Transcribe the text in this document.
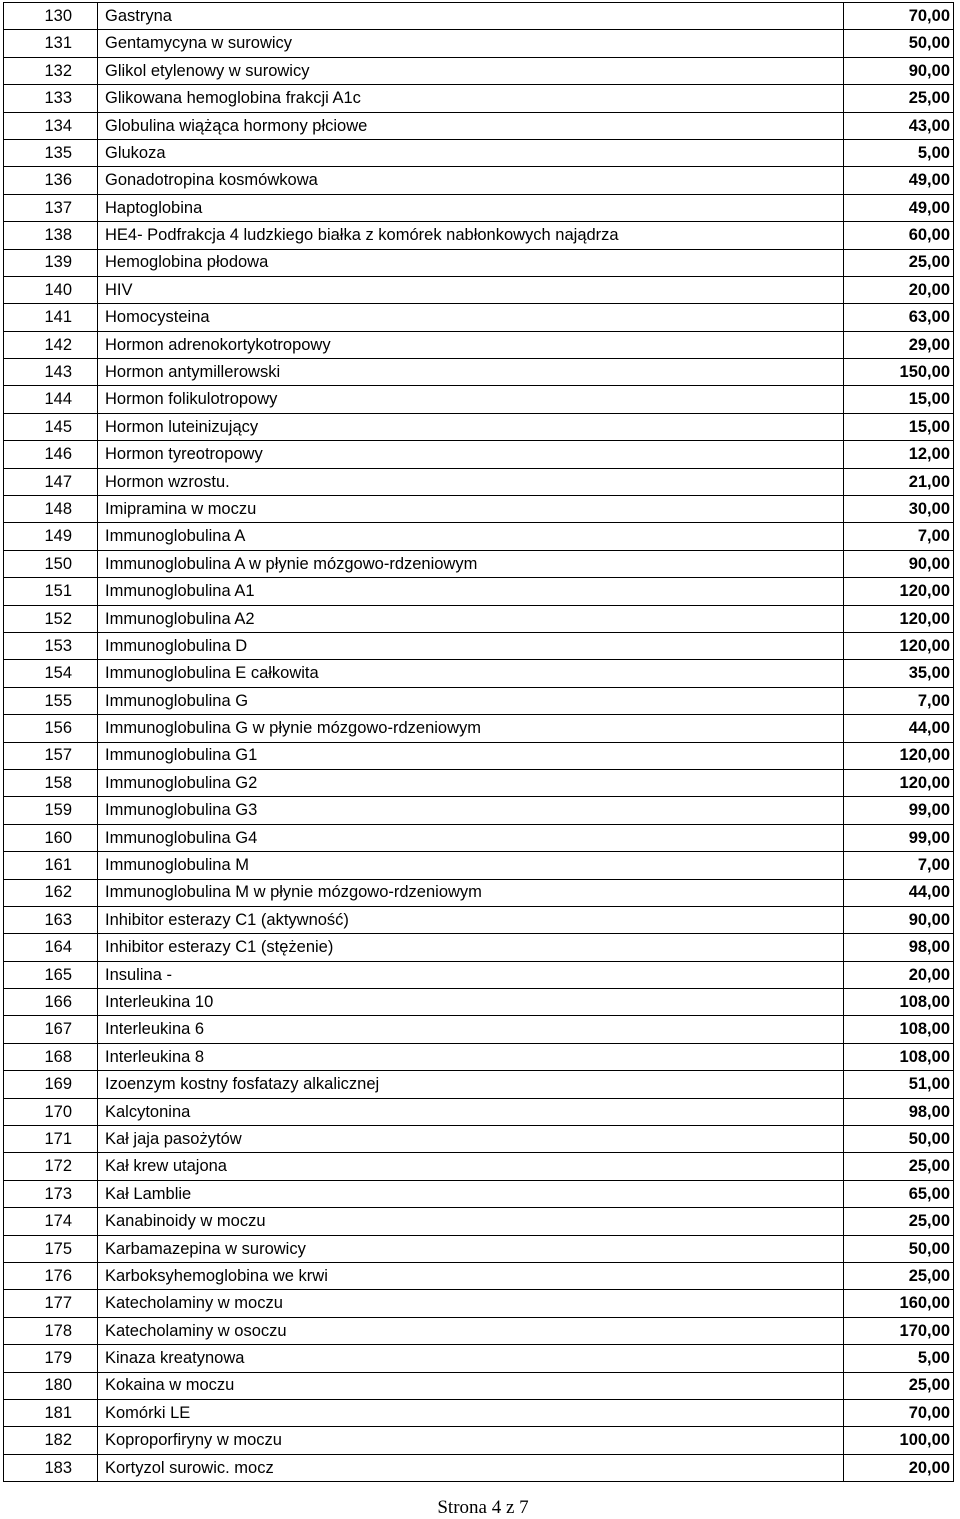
130	Gastryna	70,00
131	Gentamycyna w surowicy	50,00
132	Glikol etylenowy w surowicy	90,00
133	Glikowana hemoglobina frakcji A1c	25,00
134	Globulina wiążąca hormony płciowe	43,00
135	Glukoza	5,00
136	Gonadotropina kosmówkowa	49,00
137	Haptoglobina	49,00
138	HE4- Podfrakcja 4 ludzkiego białka z komórek nabłonkowych najądrza	60,00
139	Hemoglobina płodowa	25,00
140	HIV	20,00
141	Homocysteina	63,00
142	Hormon adrenokortykotropowy	29,00
143	Hormon antymillerowski	150,00
144	Hormon folikulotropowy	15,00
145	Hormon luteinizujący	15,00
146	Hormon tyreotropowy	12,00
147	Hormon wzrostu.	21,00
148	Imipramina w moczu	30,00
149	Immunoglobulina A	7,00
150	Immunoglobulina A w płynie mózgowo-rdzeniowym	90,00
151	Immunoglobulina A1	120,00
152	Immunoglobulina A2	120,00
153	Immunoglobulina D	120,00
154	Immunoglobulina E całkowita	35,00
155	Immunoglobulina G	7,00
156	Immunoglobulina G w płynie mózgowo-rdzeniowym	44,00
157	Immunoglobulina G1	120,00
158	Immunoglobulina G2	120,00
159	Immunoglobulina G3	99,00
160	Immunoglobulina G4	99,00
161	Immunoglobulina M	7,00
162	Immunoglobulina M w płynie mózgowo-rdzeniowym	44,00
163	Inhibitor esterazy C1 (aktywność)	90,00
164	Inhibitor esterazy C1 (stężenie)	98,00
165	Insulina -	20,00
166	Interleukina 10	108,00
167	Interleukina 6	108,00
168	Interleukina 8	108,00
169	Izoenzym kostny fosfatazy alkalicznej	51,00
170	Kalcytonina	98,00
171	Kał jaja pasożytów	50,00
172	Kał krew utajona	25,00
173	Kał Lamblie	65,00
174	Kanabinoidy w moczu	25,00
175	Karbamazepina w surowicy	50,00
176	Karboksyhemoglobina we krwi	25,00
177	Katecholaminy w moczu	160,00
178	Katecholaminy w osoczu	170,00
179	Kinaza kreatynowa	5,00
180	Kokaina w moczu	25,00
181	Komórki LE	70,00
182	Koproporfiryny w moczu	100,00
183	Kortyzol surowic. mocz	20,00
Strona 4 z 7
